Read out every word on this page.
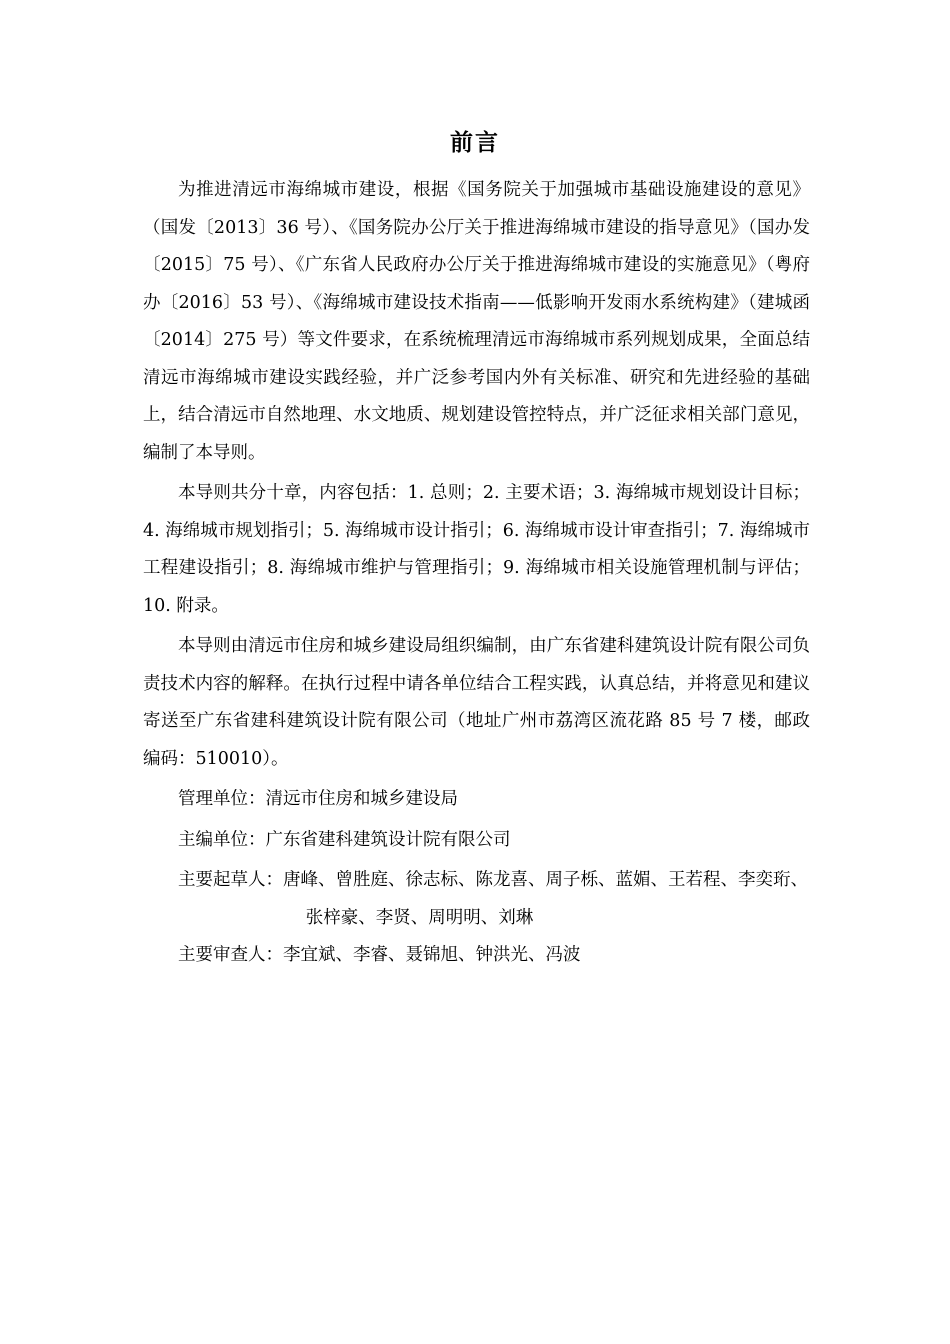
前言

为推进清远市海绵城市建设，根据《国务院关于加强城市基础设施建设的意见》（国发〔2013〕36 号）、《国务院办公厅关于推进海绵城市建设的指导意见》（国办发〔2015〕75 号）、《广东省人民政府办公厅关于推进海绵城市建设的实施意见》（粤府办〔2016〕53 号）、《海绵城市建设技术指南——低影响开发雨水系统构建》（建城函〔2014〕275 号）等文件要求，在系统梳理清远市海绵城市系列规划成果，全面总结清远市海绵城市建设实践经验，并广泛参考国内外有关标准、研究和先进经验的基础上，结合清远市自然地理、水文地质、规划建设管控特点，并广泛征求相关部门意见，编制了本导则。

本导则共分十章，内容包括：1. 总则；2. 主要术语；3. 海绵城市规划设计目标；4. 海绵城市规划指引；5. 海绵城市设计指引；6. 海绵城市设计审查指引；7. 海绵城市工程建设指引；8. 海绵城市维护与管理指引；9. 海绵城市相关设施管理机制与评估；10. 附录。

本导则由清远市住房和城乡建设局组织编制，由广东省建科建筑设计院有限公司负责技术内容的解释。在执行过程中请各单位结合工程实践，认真总结，并将意见和建议寄送至广东省建科建筑设计院有限公司（地址广州市荔湾区流花路 85 号 7 楼，邮政编码：510010）。

管理单位：清远市住房和城乡建设局

主编单位：广东省建科建筑设计院有限公司

主要起草人：唐峰、曾胜庭、徐志标、陈龙喜、周子栎、蓝媚、王若程、李奕珩、张梓豪、李贤、周明明、刘琳

主要审查人：李宜斌、李睿、聂锦旭、钟洪光、冯波
